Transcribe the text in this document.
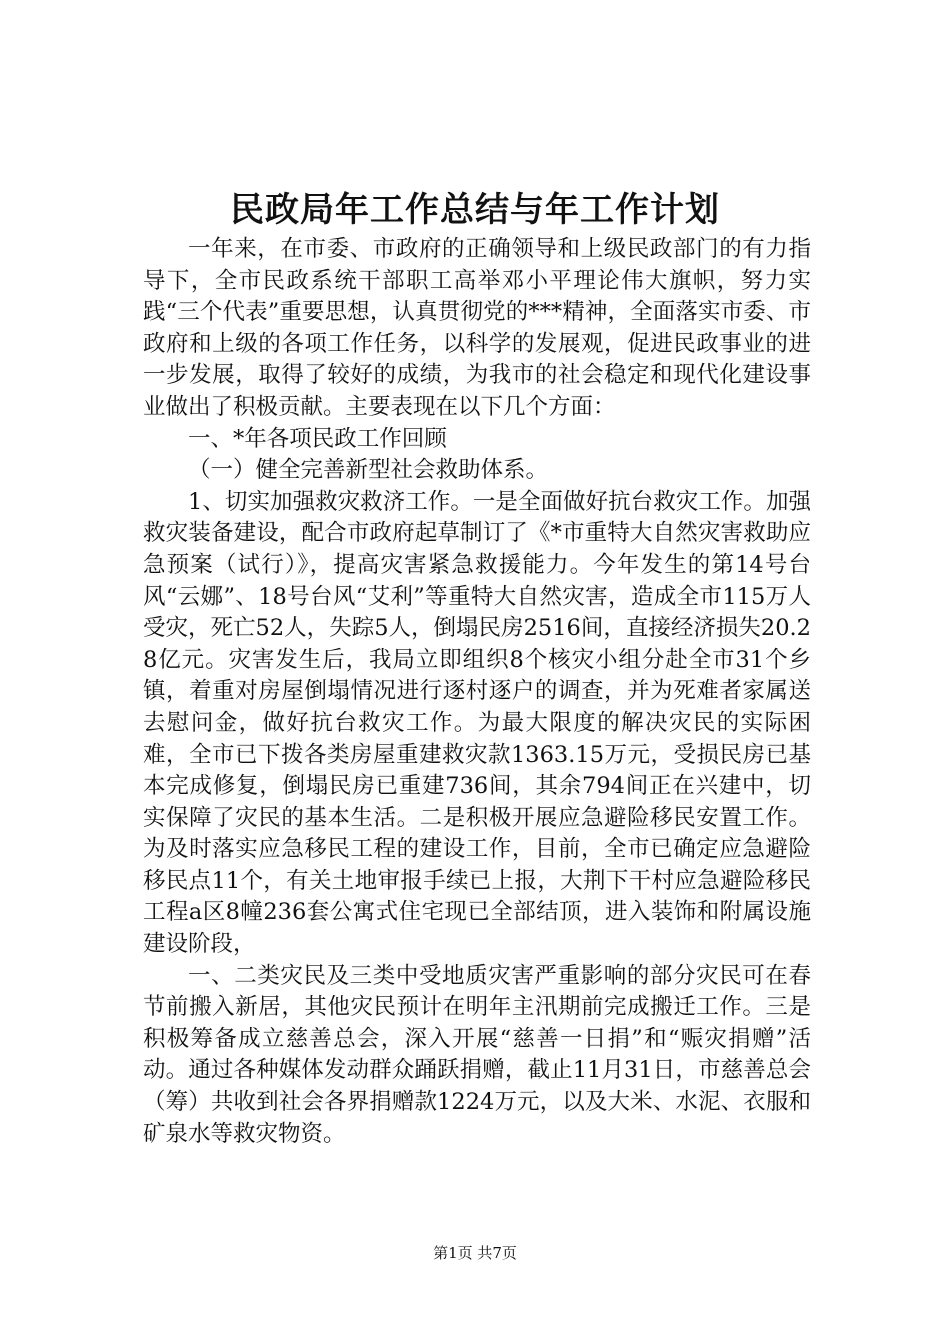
民政局年工作总结与年工作计划

一年来，在市委、市政府的正确领导和上级民政部门的有力指导下，全市民政系统干部职工高举邓小平理论伟大旗帜，努力实践“三个代表”重要思想，认真贯彻党的***精神，全面落实市委、市政府和上级的各项工作任务，以科学的发展观，促进民政事业的进一步发展，取得了较好的成绩，为我市的社会稳定和现代化建设事业做出了积极贡献。主要表现在以下几个方面：

一、*年各项民政工作回顾

（一）健全完善新型社会救助体系。

1、切实加强救灾救济工作。一是全面做好抗台救灾工作。加强救灾装备建设，配合市政府起草制订了《*市重特大自然灾害救助应急预案（试行）》，提高灾害紧急救援能力。今年发生的第14号台风“云娜”、18号台风“艾利”等重特大自然灾害，造成全市115万人受灾，死亡52人，失踪5人，倒塌民房2516间，直接经济损失20.28亿元。灾害发生后，我局立即组织8个核灾小组分赴全市31个乡镇，着重对房屋倒塌情况进行逐村逐户的调查，并为死难者家属送去慰问金，做好抗台救灾工作。为最大限度的解决灾民的实际困难，全市已下拨各类房屋重建救灾款1363.15万元，受损民房已基本完成修复，倒塌民房已重建736间，其余794间正在兴建中，切实保障了灾民的基本生活。二是积极开展应急避险移民安置工作。为及时落实应急移民工程的建设工作，目前，全市已确定应急避险移民点11个，有关土地审报手续已上报，大荆下干村应急避险移民工程a区8幢236套公寓式住宅现已全部结顶，进入装饰和附属设施建设阶段，

一、二类灾民及三类中受地质灾害严重影响的部分灾民可在春节前搬入新居，其他灾民预计在明年主汛期前完成搬迁工作。三是积极筹备成立慈善总会，深入开展“慈善一日捐”和“赈灾捐赠”活动。通过各种媒体发动群众踊跃捐赠，截止11月31日，市慈善总会（筹）共收到社会各界捐赠款1224万元，以及大米、水泥、衣服和矿泉水等救灾物资。

第1页 共7页
